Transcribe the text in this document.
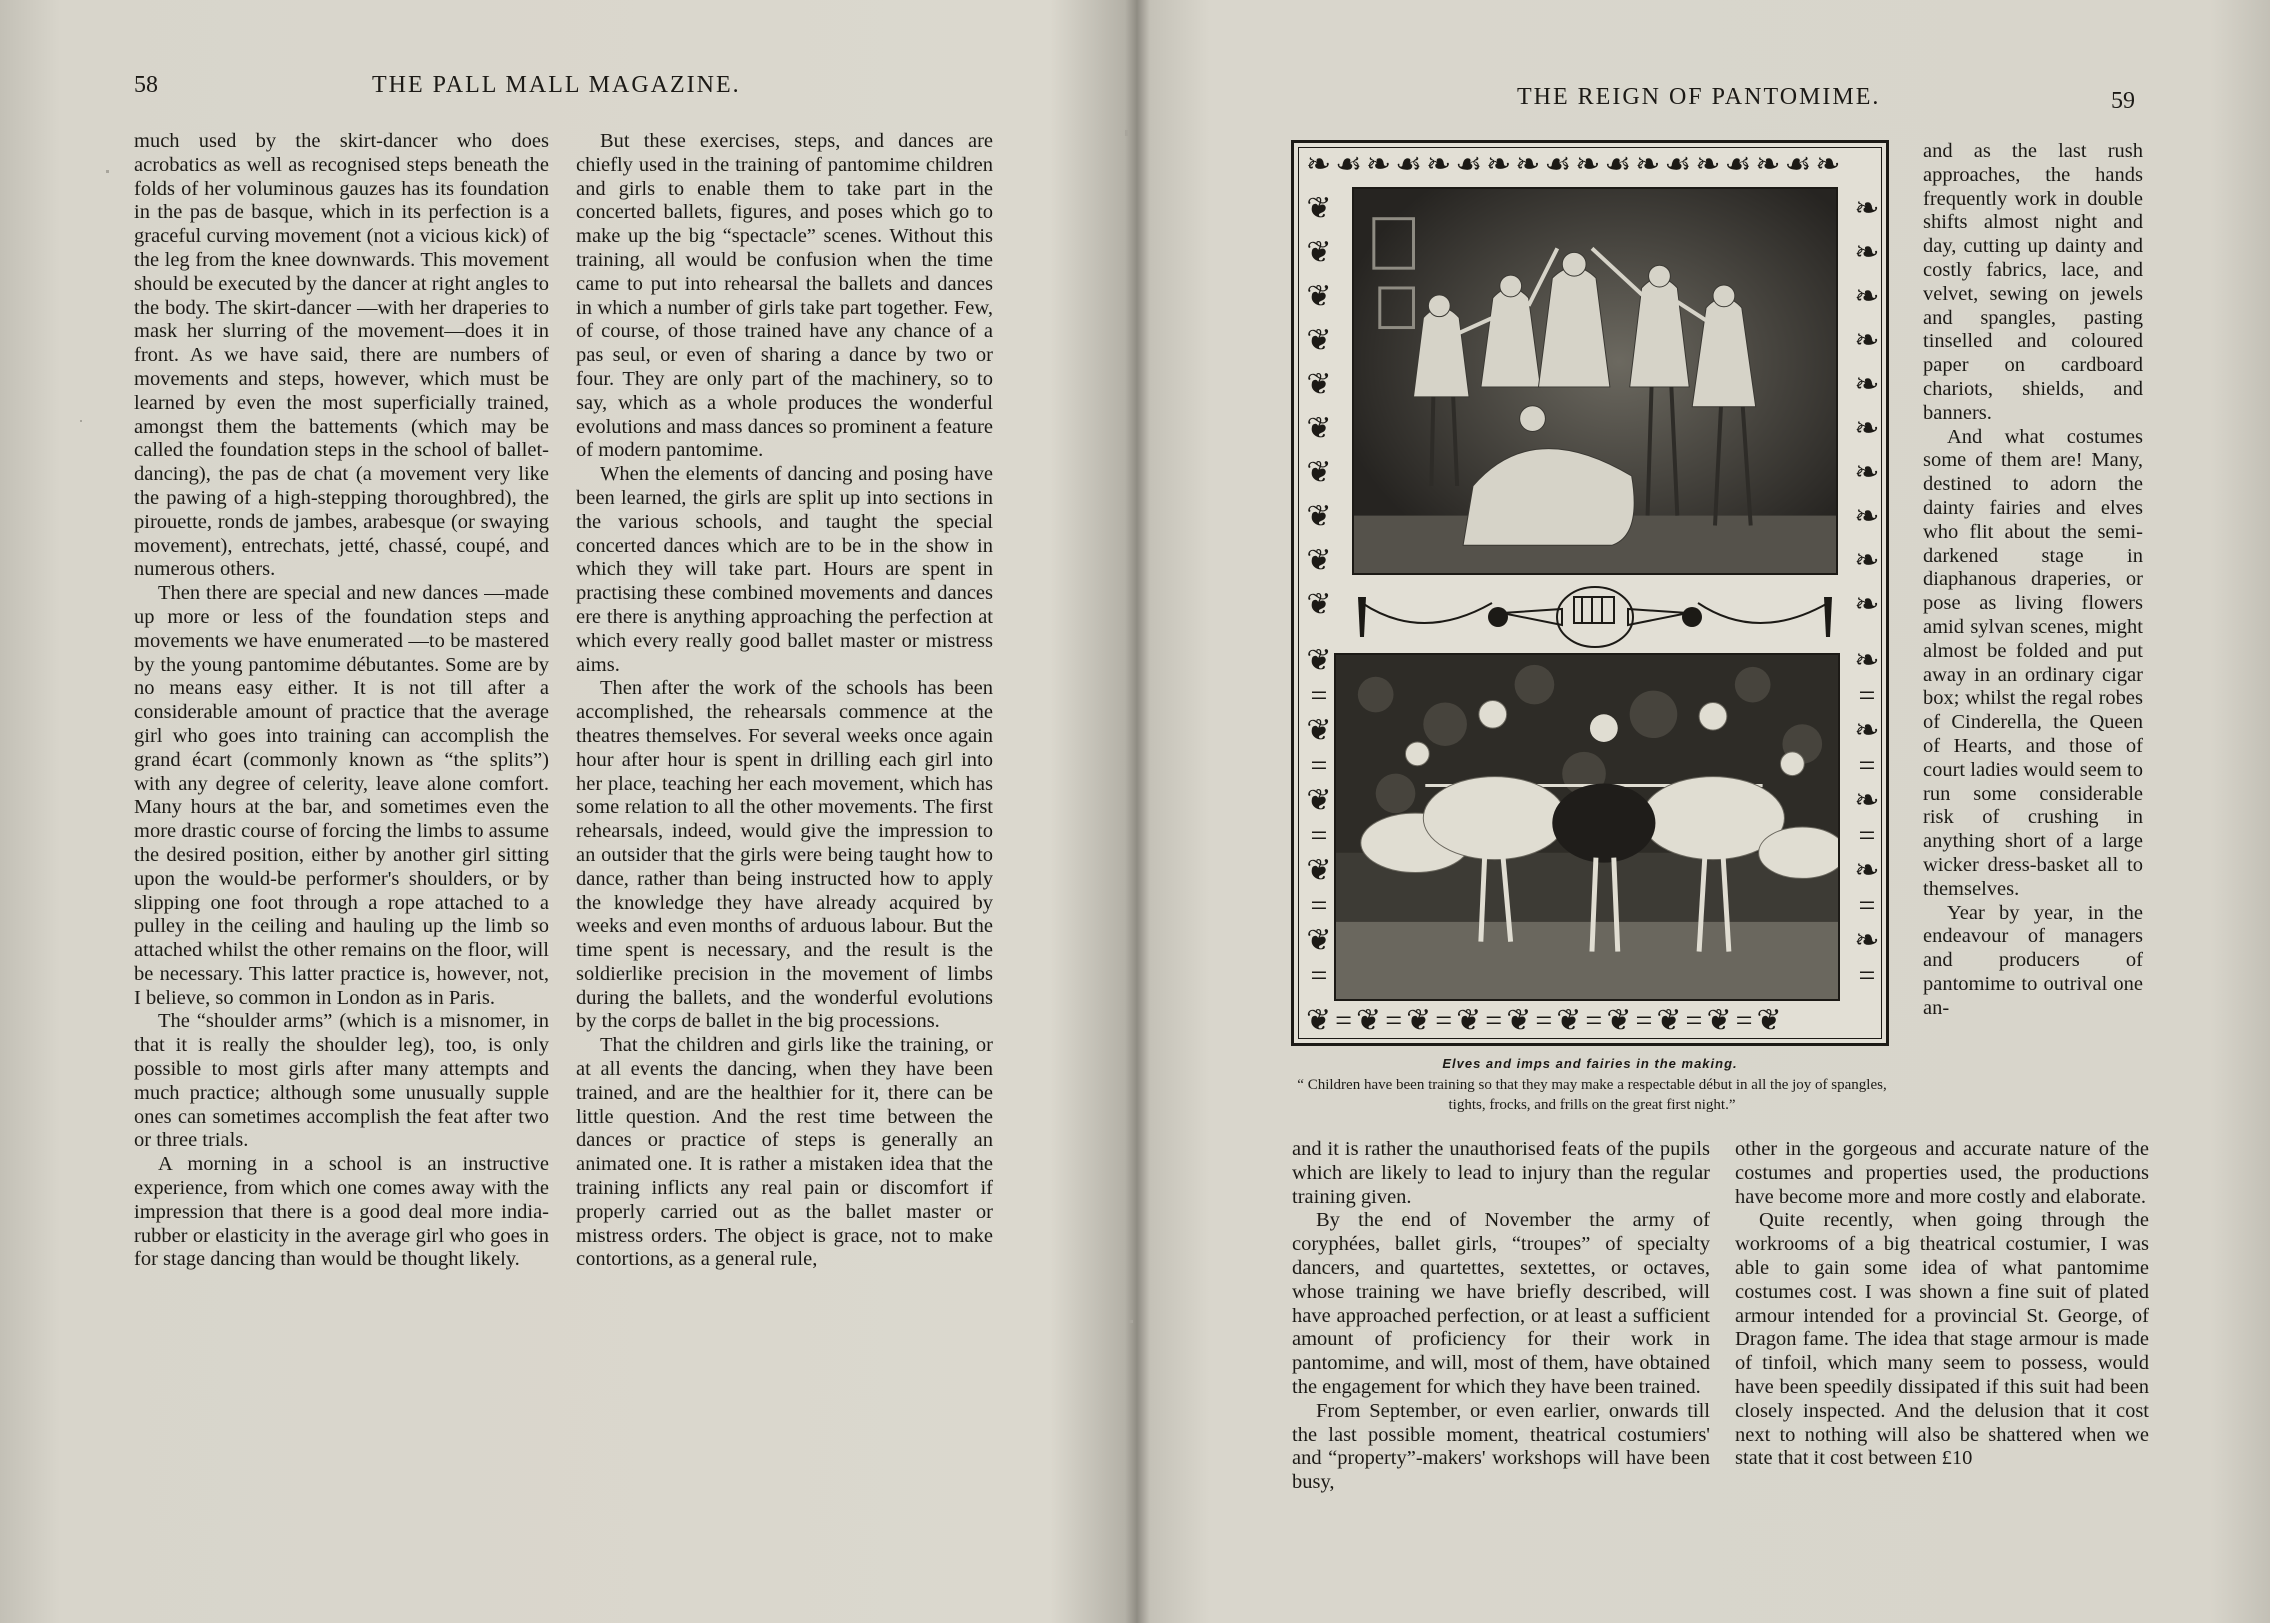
58	THE PALL MALL MAGAZINE.

much used by the skirt-dancer who does acrobatics as well as recognised steps beneath the folds of her voluminous gauzes has its foundation in the pas de basque, which in its perfection is a graceful curving movement (not a vicious kick) of the leg from the knee downwards. This movement should be executed by the dancer at right angles to the body. The skirt-dancer —with her draperies to mask her slurring of the movement—does it in front. As we have said, there are numbers of movements and steps, however, which must be learned by even the most superficially trained, amongst them the battements (which may be called the foundation steps in the school of ballet-dancing), the pas de chat (a movement very like the pawing of a high-stepping thoroughbred), the pirouette, ronds de jambes, arabesque (or swaying movement), entrechats, jetté, chassé, coupé, and numerous others.

Then there are special and new dances —made up more or less of the foundation steps and movements we have enumerated —to be mastered by the young pantomime débutantes. Some are by no means easy either. It is not till after a considerable amount of practice that the average girl who goes into training can accomplish the grand écart (commonly known as “the splits”) with any degree of celerity, leave alone comfort. Many hours at the bar, and sometimes even the more drastic course of forcing the limbs to assume the desired position, either by another girl sitting upon the would-be performer's shoulders, or by slipping one foot through a rope attached to a pulley in the ceiling and hauling up the limb so attached whilst the other remains on the floor, will be necessary. This latter practice is, however, not, I believe, so common in London as in Paris.

The “shoulder arms” (which is a misnomer, in that it is really the shoulder leg), too, is only possible to most girls after many attempts and much practice; although some unusually supple ones can sometimes accomplish the feat after two or three trials.

A morning in a school is an instructive experience, from which one comes away with the impression that there is a good deal more india-rubber or elasticity in the average girl who goes in for stage dancing than would be thought likely.

But these exercises, steps, and dances are chiefly used in the training of pantomime children and girls to enable them to take part in the concerted ballets, figures, and poses which go to make up the big “spectacle” scenes. Without this training, all would be confusion when the time came to put into rehearsal the ballets and dances in which a number of girls take part together. Few, of course, of those trained have any chance of a pas seul, or even of sharing a dance by two or four. They are only part of the machinery, so to say, which as a whole produces the wonderful evolutions and mass dances so prominent a feature of modern pantomime.

When the elements of dancing and posing have been learned, the girls are split up into sections in the various schools, and taught the special concerted dances which are to be in the show in which they will take part. Hours are spent in practising these combined movements and dances ere there is anything approaching the perfection at which every really good ballet master or mistress aims.

Then after the work of the schools has been accomplished, the rehearsals commence at the theatres themselves. For several weeks once again hour after hour is spent in drilling each girl into her place, teaching her each movement, which has some relation to all the other movements. The first rehearsals, indeed, would give the impression to an outsider that the girls were being taught how to dance, rather than being instructed how to apply the knowledge they have already acquired by weeks and even months of arduous labour. But the time spent is necessary, and the result is the soldierlike precision in the movement of limbs during the ballets, and the wonderful evolutions by the corps de ballet in the big processions.

That the children and girls like the training, or at all events the dancing, when they have been trained, and are the healthier for it, there can be little question. And the rest time between the dances or practice of steps is generally an animated one. It is rather a mistaken idea that the training inflicts any real pain or discomfort if properly carried out as the ballet master or mistress orders. The object is grace, not to make contortions, as a general rule,

THE REIGN OF PANTOMIME.	59
❧☙❧☙❧☙❧❧☙❧☙❧☙❧☙❧☙❧
❦
❦
❦
❦
❦
❦
❦
❦
❦
❦
❧
❧
❧
❧
❧
❧
❧
❧
❧
❧
❦
=
❦
=
❦
=
❦
=
❦
=
❧
=
❧
=
❧
=
❧
=
❧
=
❦=❦=❦=❦=❦=❦=❦=❦=❦=❦
Elves and imps and fairies in the making.
“ Children have been training so that they may make a respectable début in all the joy of spangles, tights, frocks, and frills on the great first night.”

and as the last rush approaches, the hands frequently work in double shifts almost night and day, cutting up dainty and costly fabrics, lace, and velvet, sewing on jewels and spangles, pasting tinselled and coloured paper on cardboard chariots, shields, and banners.

And what costumes some of them are! Many, destined to adorn the dainty fairies and elves who flit about the semi-darkened stage in diaphanous draperies, or pose as living flowers amid sylvan scenes, might almost be folded and put away in an ordinary cigar box; whilst the regal robes of Cinderella, the Queen of Hearts, and those of court ladies would seem to run some considerable risk of crushing in anything short of a large wicker dress-basket all to themselves.

Year by year, in the endeavour of managers and producers of pantomime to outrival one an-

and it is rather the unauthorised feats of the pupils which are likely to lead to injury than the regular training given.

By the end of November the army of coryphées, ballet girls, “troupes” of specialty dancers, and quartettes, sextettes, or octaves, whose training we have briefly described, will have approached perfection, or at least a sufficient amount of proficiency for their work in pantomime, and will, most of them, have obtained the engagement for which they have been trained.

From September, or even earlier, onwards till the last possible moment, theatrical costumiers' and “property”-makers' workshops will have been busy,

other in the gorgeous and accurate nature of the costumes and properties used, the productions have become more and more costly and elaborate.

Quite recently, when going through the workrooms of a big theatrical costumier, I was able to gain some idea of what pantomime costumes cost. I was shown a fine suit of plated armour intended for a provincial St. George, of Dragon fame. The idea that stage armour is made of tinfoil, which many seem to possess, would have been speedily dissipated if this suit had been closely inspected. And the delusion that it cost next to nothing will also be shattered when we state that it cost between £10
